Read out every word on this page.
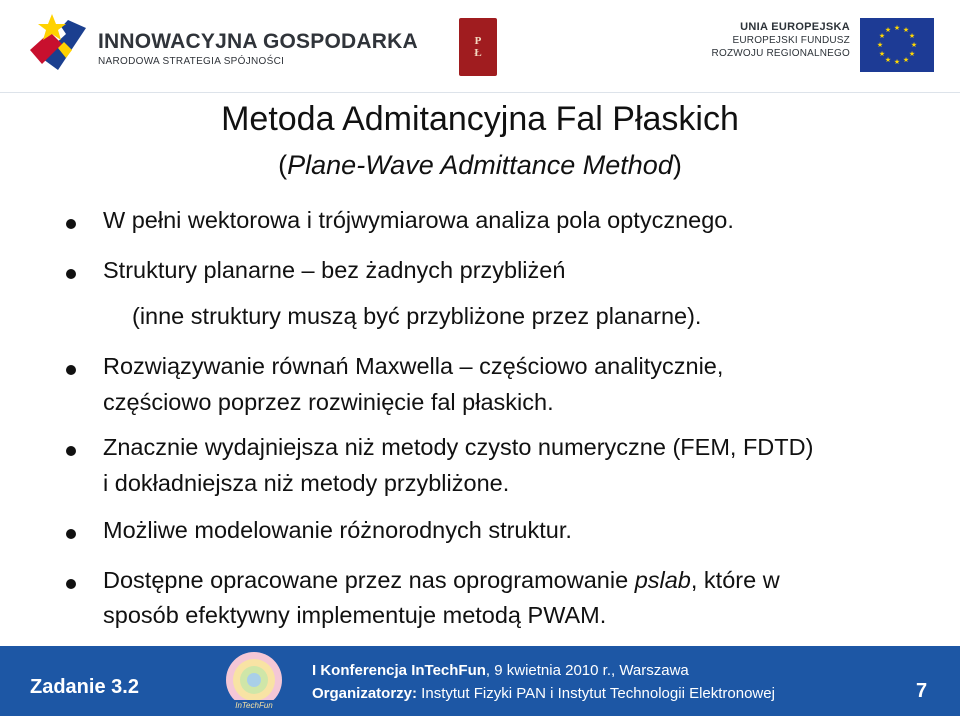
INNOWACYJNA GOSPODARKA
NARODOWA STRATEGIA SPÓJNOŚCI
P
Ł
UNIA EUROPEJSKA
EUROPEJSKI FUNDUSZ
ROZWOJU REGIONALNEGO
★ ★
★
★
★
★
★
★
★
★
★
★
Metoda Admitancyjna Fal Płaskich
(Plane-Wave Admittance Method)
W pełni wektorowa i trójwymiarowa analiza pola optycznego.
Struktury planarne – bez żadnych przybliżeń
(inne struktury muszą być przybliżone przez planarne).
Rozwiązywanie równań Maxwella – częściowo analitycznie,
częściowo poprzez rozwinięcie fal płaskich.
Znacznie wydajniejsza niż metody czysto numeryczne (FEM, FDTD)
i dokładniejsza niż metody przybliżone.
Możliwe modelowanie różnorodnych struktur.
Dostępne opracowane przez nas oprogramowanie pslab, które w
sposób efektywny implementuje metodą PWAM.
Zadanie 3.2
InTechFun
I Konferencja InTechFun, 9 kwietnia 2010 r., Warszawa
Organizatorzy: Instytut Fizyki PAN i Instytut Technologii Elektronowej	7
